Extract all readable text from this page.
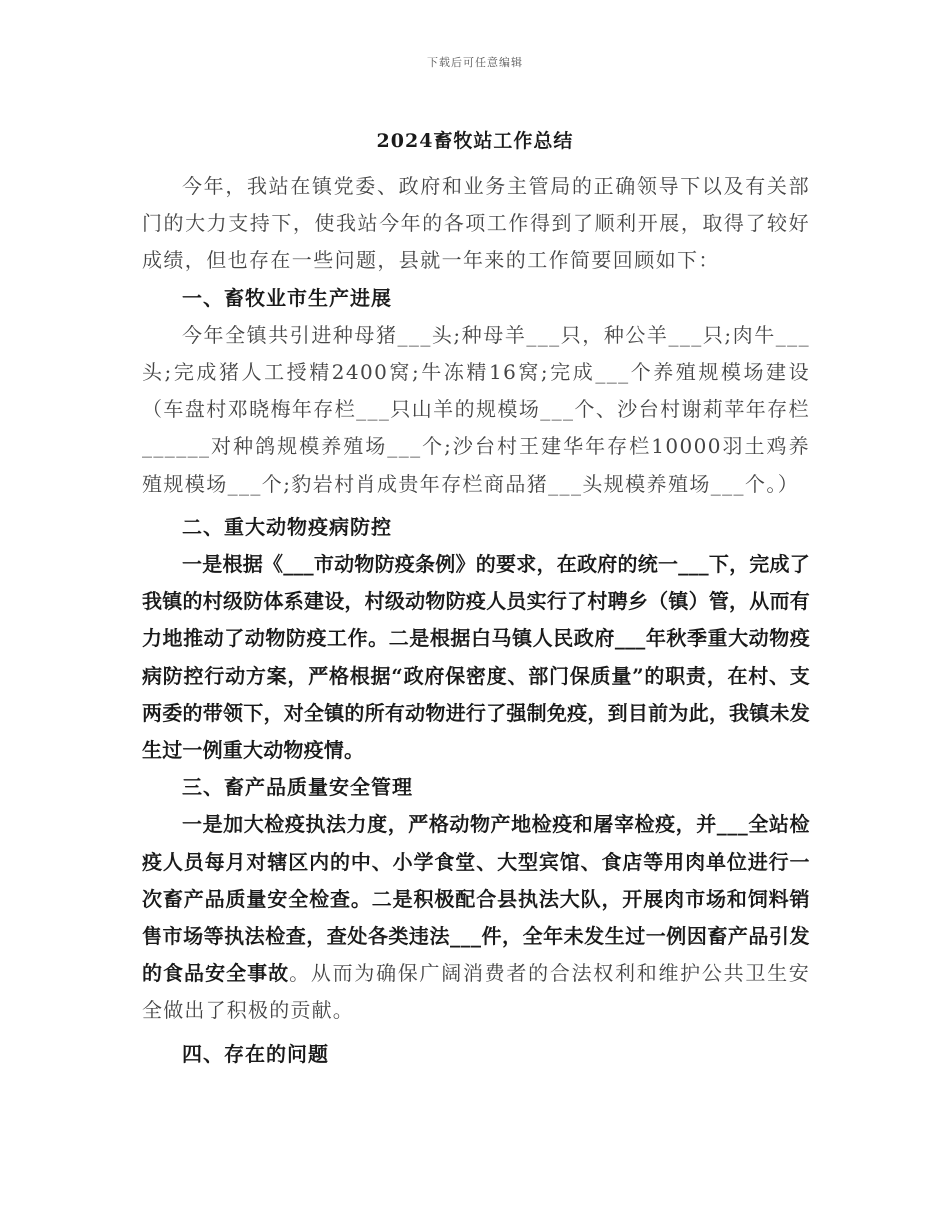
下载后可任意编辑
2024畜牧站工作总结

今年，我站在镇党委、政府和业务主管局的正确领导下以及有关部门的大力支持下，使我站今年的各项工作得到了顺利开展，取得了较好成绩，但也存在一些问题，县就一年来的工作简要回顾如下：

一、畜牧业市生产进展

今年全镇共引进种母猪___头;种母羊___只，种公羊___只;肉牛___头;完成猪人工授精2400窝;牛冻精16窝;完成___个养殖规模场建设（车盘村邓晓梅年存栏___只山羊的规模场___个、沙台村谢莉苹年存栏______对种鸽规模养殖场___个;沙台村王建华年存栏10000羽土鸡养殖规模场___个;豹岩村肖成贵年存栏商品猪___头规模养殖场___个。）

二、重大动物疫病防控

一是根据《___市动物防疫条例》的要求，在政府的统一___下，完成了我镇的村级防体系建设，村级动物防疫人员实行了村聘乡（镇）管，从而有力地推动了动物防疫工作。二是根据白马镇人民政府___年秋季重大动物疫病防控行动方案，严格根据“政府保密度、部门保质量”的职责，在村、支两委的带领下，对全镇的所有动物进行了强制免疫，到目前为此，我镇未发生过一例重大动物疫情。

三、畜产品质量安全管理

一是加大检疫执法力度，严格动物产地检疫和屠宰检疫，并___全站检疫人员每月对辖区内的中、小学食堂、大型宾馆、食店等用肉单位进行一次畜产品质量安全检查。二是积极配合县执法大队，开展肉市场和饲料销售市场等执法检查，查处各类违法___件，全年未发生过一例因畜产品引发的食品安全事故。从而为确保广阔消费者的合法权利和维护公共卫生安全做出了积极的贡献。

四、存在的问题
